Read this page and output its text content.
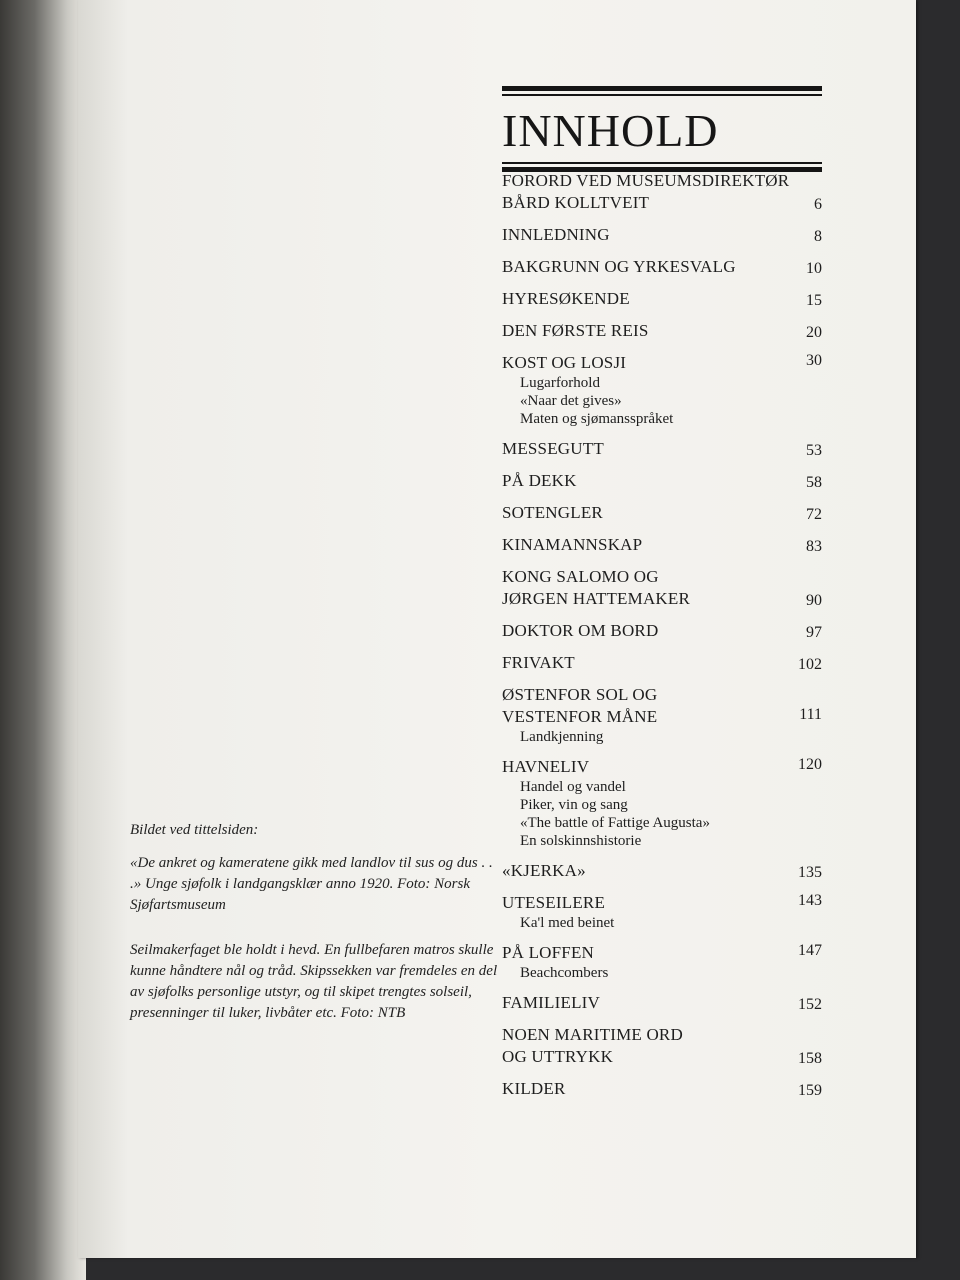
INNHOLD
FORORD VED MUSEUMSDIREKTØR
BÅRD KOLLTVEIT	6
INNLEDNING	8
BAKGRUNN OG YRKESVALG	10
HYRESØKENDE	15
DEN FØRSTE REIS	20
KOST OG LOSJI	30
Lugarforhold
«Naar det gives»
Maten og sjømansspråket
MESSEGUTT	53
PÅ DEKK	58
SOTENGLER	72
KINAMANNSKAP	83
KONG SALOMO OG
JØRGEN HATTEMAKER	90
DOKTOR OM BORD	97
FRIVAKT	102
ØSTENFOR SOL OG
VESTENFOR MÅNE	111
Landkjenning
HAVNELIV	120
Handel og vandel
Piker, vin og sang
«The battle of Fattige Augusta»
En solskinnshistorie
«KJERKA»	135
UTESEILERE	143
Ka'l med beinet
PÅ LOFFEN	147
Beachcombers
FAMILIELIV	152
NOEN MARITIME ORD
OG UTTRYKK	158
KILDER	159

Bildet ved tittelsiden:

«De ankret og kameratene gikk med landlov til sus og dus . . .» Unge sjøfolk i landgangsklær anno 1920. Foto: Norsk Sjøfartsmuseum

Seilmakerfaget ble holdt i hevd. En fullbefaren matros skulle kunne håndtere nål og tråd. Skipssekken var fremdeles en del av sjøfolks personlige utstyr, og til skipet trengtes solseil, presenninger til luker, livbåter etc. Foto: NTB
